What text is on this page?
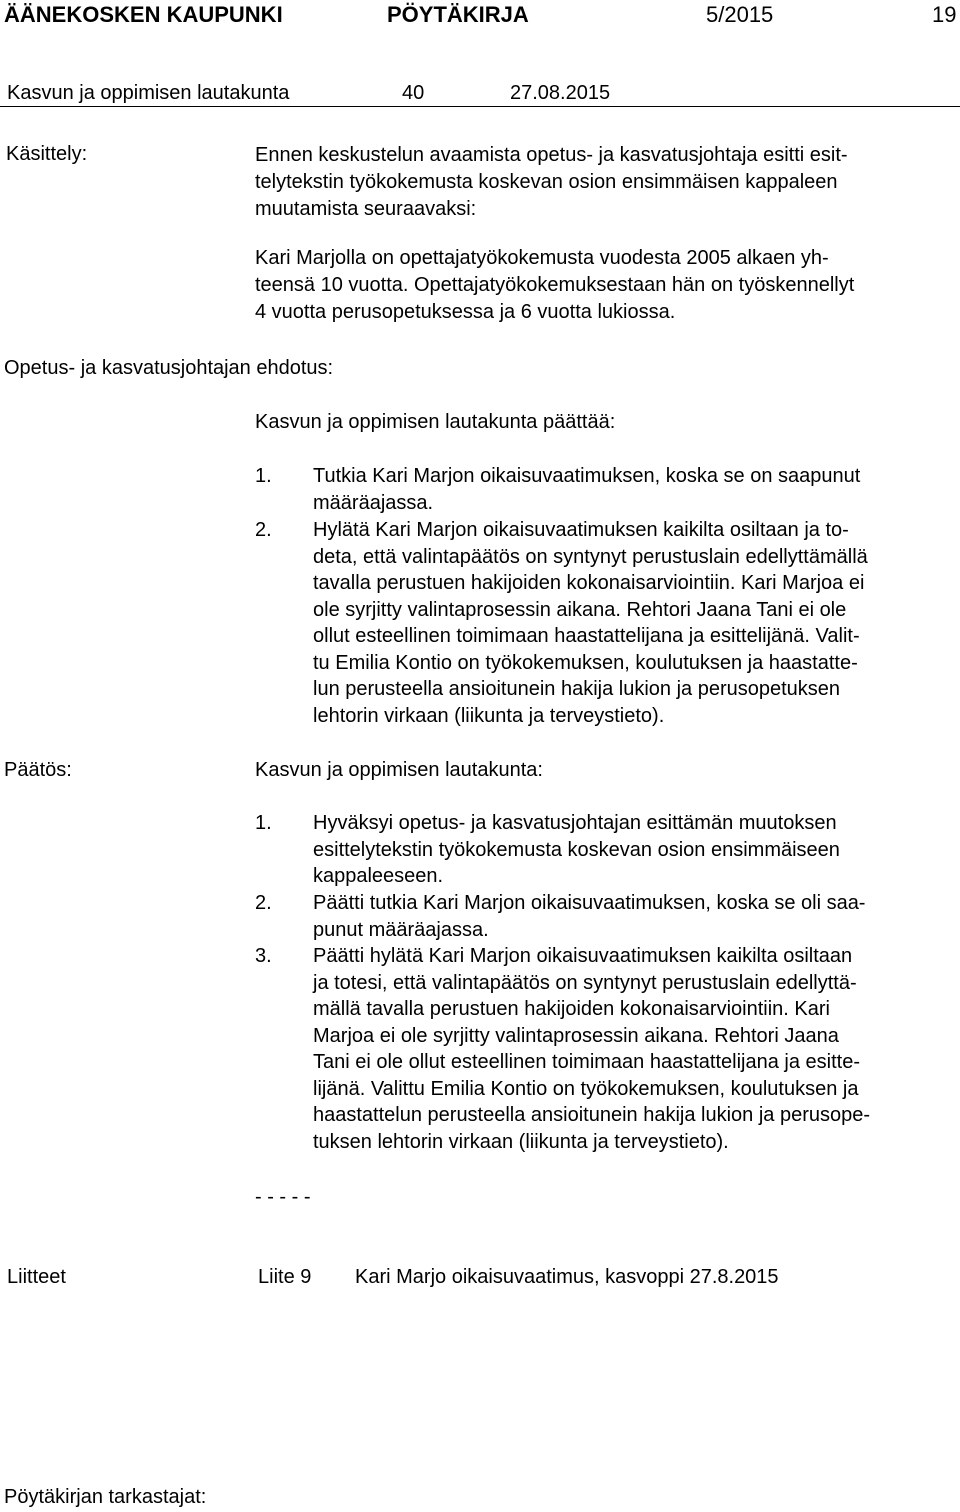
ÄÄNEKOSKEN KAUPUNKI	PÖYTÄKIRJA	5/2015	19
Kasvun ja oppimisen lautakunta	40	27.08.2015
Käsittely:	Ennen keskustelun avaamista opetus- ja kasvatusjohtaja esitti esit-
telytekstin työkokemusta koskevan osion ensimmäisen kappaleen
muutamista seuraavaksi:
Kari Marjolla on opettajatyökokemusta vuodesta 2005 alkaen yh-
teensä 10 vuotta. Opettajatyökokemuksestaan hän on työskennellyt
4 vuotta perusopetuksessa ja 6 vuotta lukiossa.
Opetus- ja kasvatusjohtajan ehdotus:
Kasvun ja oppimisen lautakunta päättää:
1. Tutkia Kari Marjon oikaisuvaatimuksen, koska se on saapunut
määräajassa.
2. Hylätä Kari Marjon oikaisuvaatimuksen kaikilta osiltaan ja to-
deta, että valintapäätös on syntynyt perustuslain edellyttämällä
tavalla perustuen hakijoiden kokonaisarviointiin. Kari Marjoa ei
ole syrjitty valintaprosessin aikana. Rehtori Jaana Tani ei ole
ollut esteellinen toimimaan haastattelijana ja esittelijänä. Valit-
tu Emilia Kontio on työkokemuksen, koulutuksen ja haastatte-
lun perusteella ansioitunein hakija lukion ja perusopetuksen
lehtorin virkaan (liikunta ja terveystieto).
Päätös:	Kasvun ja oppimisen lautakunta:
1. Hyväksyi opetus- ja kasvatusjohtajan esittämän muutoksen
esittelytekstin työkokemusta koskevan osion ensimmäiseen
kappaleeseen.
2. Päätti tutkia Kari Marjon oikaisuvaatimuksen, koska se oli saa-
punut määräajassa.
3. Päätti hylätä Kari Marjon oikaisuvaatimuksen kaikilta osiltaan
ja totesi, että valintapäätös on syntynyt perustuslain edellyttä-
mällä tavalla perustuen hakijoiden kokonaisarviointiin. Kari
Marjoa ei ole syrjitty valintaprosessin aikana. Rehtori Jaana
Tani ei ole ollut esteellinen toimimaan haastattelijana ja esitte-
lijänä. Valittu Emilia Kontio on työkokemuksen, koulutuksen ja
haastattelun perusteella ansioitunein hakija lukion ja perusope-
tuksen lehtorin virkaan (liikunta ja terveystieto).
- - - - -
Liitteet	Liite 9 Kari Marjo oikaisuvaatimus, kasvoppi 27.8.2015
Pöytäkirjan tarkastajat:
